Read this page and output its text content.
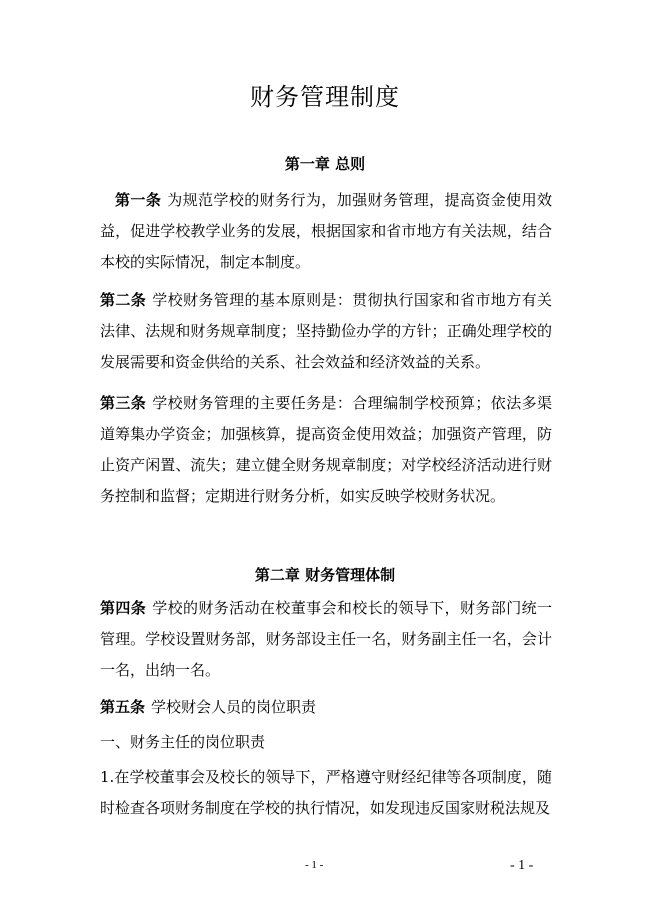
财务管理制度
第一章 总则
第一条 为规范学校的财务行为，加强财务管理，提高资金使用效益，促进学校教学业务的发展，根据国家和省市地方有关法规，结合本校的实际情况，制定本制度。
第二条 学校财务管理的基本原则是：贯彻执行国家和省市地方有关法律、法规和财务规章制度；坚持勤俭办学的方针；正确处理学校的发展需要和资金供给的关系、社会效益和经济效益的关系。
第三条 学校财务管理的主要任务是：合理编制学校预算；依法多渠道筹集办学资金；加强核算，提高资金使用效益；加强资产管理，防止资产闲置、流失；建立健全财务规章制度；对学校经济活动进行财务控制和监督；定期进行财务分析，如实反映学校财务状况。
第二章 财务管理体制
第四条 学校的财务活动在校董事会和校长的领导下，财务部门统一管理。学校设置财务部，财务部设主任一名，财务副主任一名，会计一名，出纳一名。
第五条 学校财会人员的岗位职责
一、财务主任的岗位职责
1.在学校董事会及校长的领导下，严格遵守财经纪律等各项制度，随时检查各项财务制度在学校的执行情况，如发现违反国家财税法规及
- 1 -	- 1 -
